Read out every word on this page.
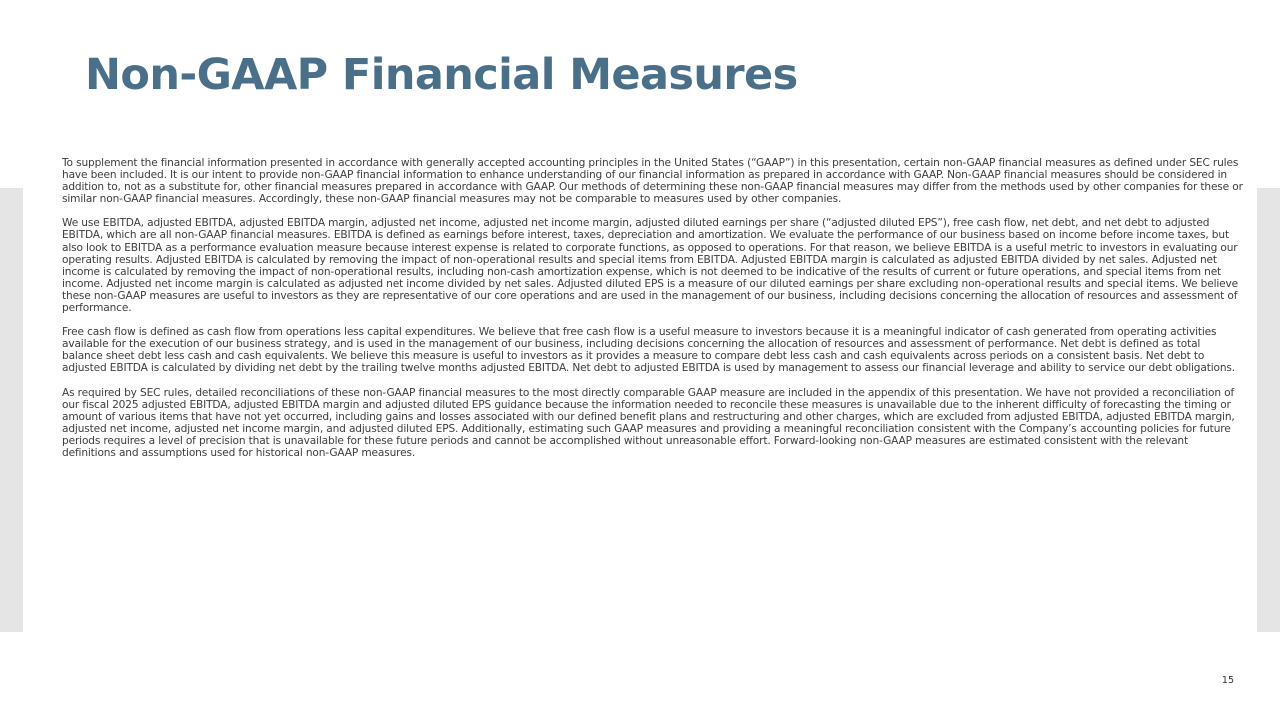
Non-GAAP Financial Measures

To supplement the financial information presented in accordance with generally accepted accounting principles in the United States (“GAAP”) in this presentation, certain non-GAAP financial measures as defined under SEC rules have been included. It is our intent to provide non-GAAP financial information to enhance understanding of our financial information as prepared in accordance with GAAP. Non-GAAP financial measures should be considered in addition to, not as a substitute for, other financial measures prepared in accordance with GAAP. Our methods of determining these non-GAAP financial measures may differ from the methods used by other companies for these or similar non-GAAP financial measures. Accordingly, these non-GAAP financial measures may not be comparable to measures used by other companies.

We use EBITDA, adjusted EBITDA, adjusted EBITDA margin, adjusted net income, adjusted net income margin, adjusted diluted earnings per share (“adjusted diluted EPS”), free cash flow, net debt, and net debt to adjusted EBITDA, which are all non-GAAP financial measures. EBITDA is defined as earnings before interest, taxes, depreciation and amortization. We evaluate the performance of our business based on income before income taxes, but also look to EBITDA as a performance evaluation measure because interest expense is related to corporate functions, as opposed to operations. For that reason, we believe EBITDA is a useful metric to investors in evaluating our operating results. Adjusted EBITDA is calculated by removing the impact of non-operational results and special items from EBITDA. Adjusted EBITDA margin is calculated as adjusted EBITDA divided by net sales. Adjusted net income is calculated by removing the impact of non-operational results, including non-cash amortization expense, which is not deemed to be indicative of the results of current or future operations, and special items from net income. Adjusted net income margin is calculated as adjusted net income divided by net sales. Adjusted diluted EPS is a measure of our diluted earnings per share excluding non-operational results and special items. We believe these non-GAAP measures are useful to investors as they are representative of our core operations and are used in the management of our business, including decisions concerning the allocation of resources and assessment of performance.

Free cash flow is defined as cash flow from operations less capital expenditures. We believe that free cash flow is a useful measure to investors because it is a meaningful indicator of cash generated from operating activities available for the execution of our business strategy, and is used in the management of our business, including decisions concerning the allocation of resources and assessment of performance. Net debt is defined as total balance sheet debt less cash and cash equivalents. We believe this measure is useful to investors as it provides a measure to compare debt less cash and cash equivalents across periods on a consistent basis. Net debt to adjusted EBITDA is calculated by dividing net debt by the trailing twelve months adjusted EBITDA. Net debt to adjusted EBITDA is used by management to assess our financial leverage and ability to service our debt obligations.

As required by SEC rules, detailed reconciliations of these non-GAAP financial measures to the most directly comparable GAAP measure are included in the appendix of this presentation. We have not provided a reconciliation of our fiscal 2025 adjusted EBITDA, adjusted EBITDA margin and adjusted diluted EPS guidance because the information needed to reconcile these measures is unavailable due to the inherent difficulty of forecasting the timing or amount of various items that have not yet occurred, including gains and losses associated with our defined benefit plans and restructuring and other charges, which are excluded from adjusted EBITDA, adjusted EBITDA margin, adjusted net income, adjusted net income margin, and adjusted diluted EPS. Additionally, estimating such GAAP measures and providing a meaningful reconciliation consistent with the Company’s accounting policies for future periods requires a level of precision that is unavailable for these future periods and cannot be accomplished without unreasonable effort. Forward-looking non-GAAP measures are estimated consistent with the relevant definitions and assumptions used for historical non-GAAP measures.

15
